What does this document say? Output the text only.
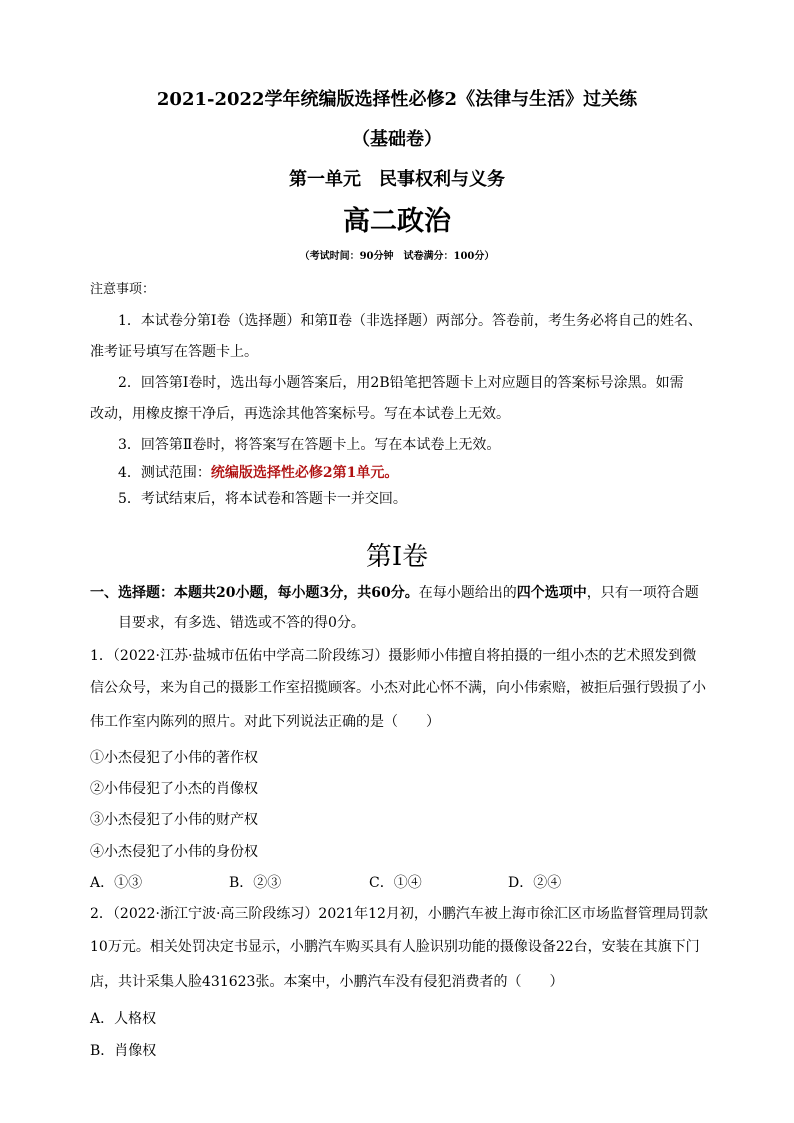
2021-2022学年统编版选择性必修2《法律与生活》过关练
（基础卷）
第一单元　民事权利与义务
高二政治
（考试时间：90分钟　试卷满分：100分）
注意事项：
1．本试卷分第Ⅰ卷（选择题）和第Ⅱ卷（非选择题）两部分。答卷前，考生务必将自己的姓名、
准考证号填写在答题卡上。
2．回答第Ⅰ卷时，选出每小题答案后，用2B铅笔把答题卡上对应题目的答案标号涂黑。如需
改动，用橡皮擦干净后，再选涂其他答案标号。写在本试卷上无效。
3．回答第Ⅱ卷时，将答案写在答题卡上。写在本试卷上无效。
4．测试范围：统编版选择性必修2第1单元。
5．考试结束后，将本试卷和答题卡一并交回。
第Ⅰ卷
一、选择题：本题共20小题，每小题3分，共60分。在每小题给出的四个选项中，只有一项符合题
目要求，有多选、错选或不答的得0分。
1．（2022·江苏·盐城市伍佑中学高二阶段练习）摄影师小伟擅自将拍摄的一组小杰的艺术照发到微
信公众号，来为自己的摄影工作室招揽顾客。小杰对此心怀不满，向小伟索赔，被拒后强行毁损了小
伟工作室内陈列的照片。对此下列说法正确的是（　　）
①小杰侵犯了小伟的著作权
②小伟侵犯了小杰的肖像权
③小杰侵犯了小伟的财产权
④小杰侵犯了小伟的身份权
A．①③	B．②③	C．①④	D．②④
2．（2022·浙江宁波·高三阶段练习）2021年12月初，小鹏汽车被上海市徐汇区市场监督管理局罚款
10万元。相关处罚决定书显示，小鹏汽车购买具有人脸识别功能的摄像设备22台，安装在其旗下门
店，共计采集人脸431623张。本案中，小鹏汽车没有侵犯消费者的（　　）
A．人格权
B．肖像权
